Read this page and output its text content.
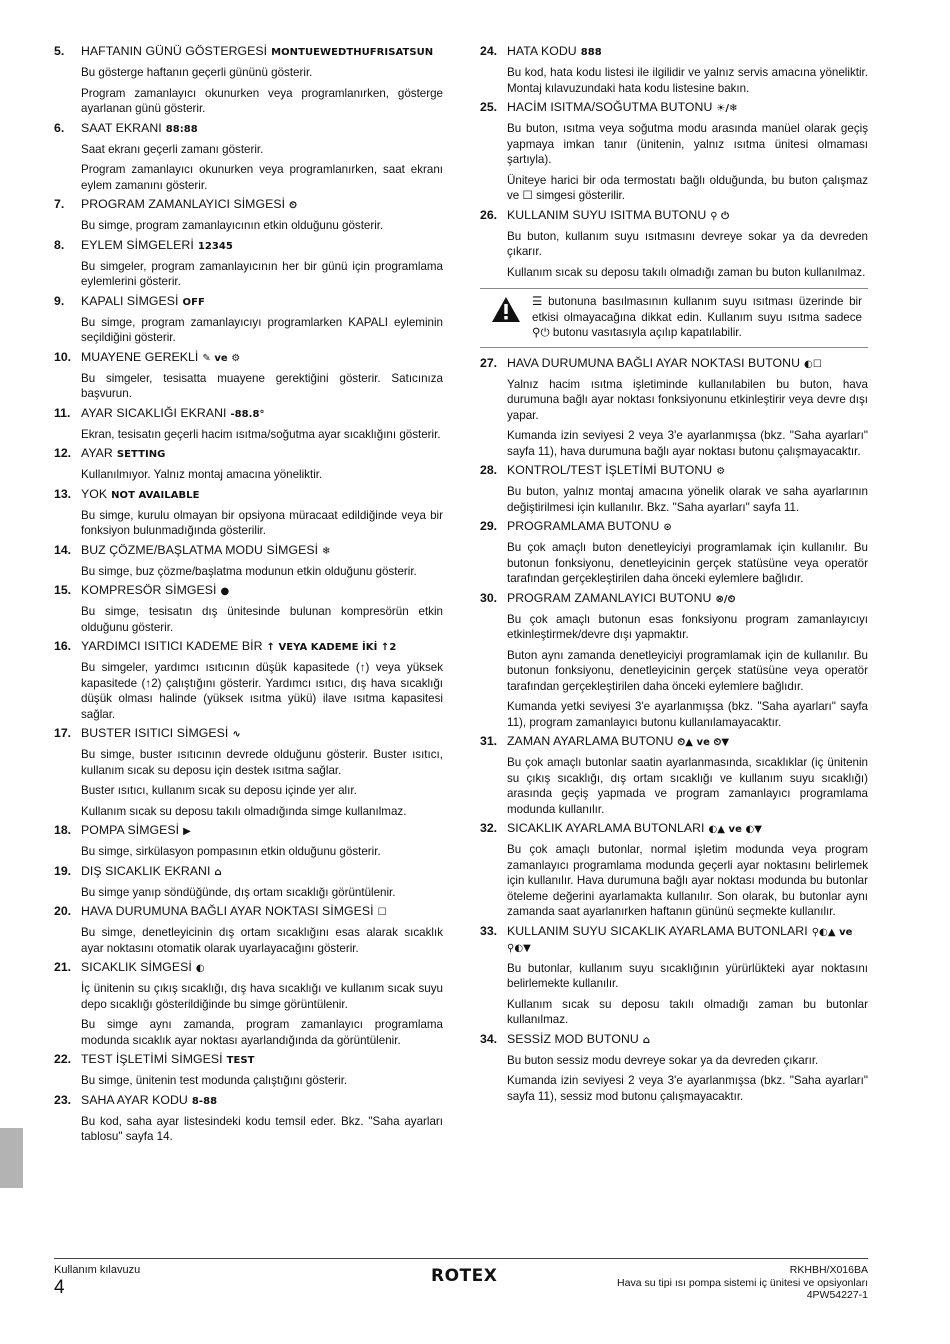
5.	HAFTANIN GÜNÜ GÖSTERGESİ MONTUEWEDTHUFRISATSUN
Bu gösterge haftanın geçerli gününü gösterir.
Program zamanlayıcı okunurken veya programlanırken, gösterge ayarlanan günü gösterir.
6.	SAAT EKRANI 88:88
Saat ekranı geçerli zamanı gösterir.
Program zamanlayıcı okunurken veya programlanırken, saat ekranı eylem zamanını gösterir.
7.	PROGRAM ZAMANLAYICI SİMGESİ ⏲
Bu simge, program zamanlayıcının etkin olduğunu gösterir.
8.	EYLEM SİMGELERİ 12345
Bu simgeler, program zamanlayıcının her bir günü için programlama eylemlerini gösterir.
9.	KAPALI SİMGESİ OFF
Bu simge, program zamanlayıcıyı programlarken KAPALI eyleminin seçildiğini gösterir.
10. MUAYENE GEREKLİ ✎ ve ⚙
Bu simgeler, tesisatta muayene gerektiğini gösterir. Satıcınıza başvurun.
11. AYAR SICAKLIĞI EKRANI -88.8°
Ekran, tesisatın geçerli hacim ısıtma/soğutma ayar sıcaklığını gösterir.
12. AYAR SETTING
Kullanılmıyor. Yalnız montaj amacına yöneliktir.
13. YOK NOT AVAILABLE
Bu simge, kurulu olmayan bir opsiyona müracaat edildiğinde veya bir fonksiyon bulunmadığında gösterilir.
14. BUZ ÇÖZME/BAŞLATMA MODU SİMGESİ ❄
Bu simge, buz çözme/başlatma modunun etkin olduğunu gösterir.
15. KOMPRESÖR SİMGESİ ●
Bu simge, tesisatın dış ünitesinde bulunan kompresörün etkin olduğunu gösterir.
16. YARDIMCI ISITICI KADEME BİR ↑ VEYA KADEME İKİ ↑2
Bu simgeler, yardımcı ısıtıcının düşük kapasitede (↑) veya yüksek kapasitede (↑2) çalıştığını gösterir. Yardımcı ısıtıcı, dış hava sıcaklığı düşük olması halinde (yüksek ısıtma yükü) ilave ısıtma kapasitesi sağlar.
17. BUSTER ISITICI SİMGESİ ∿
Bu simge, buster ısıtıcının devrede olduğunu gösterir. Buster ısıtıcı, kullanım sıcak su deposu için destek ısıtma sağlar.
Buster ısıtıcı, kullanım sıcak su deposu içinde yer alır.
Kullanım sıcak su deposu takılı olmadığında simge kullanılmaz.
18. POMPA SİMGESİ ▶
Bu simge, sirkülasyon pompasının etkin olduğunu gösterir.
19. DIŞ SICAKLIK EKRANI ⌂
Bu simge yanıp söndüğünde, dış ortam sıcaklığı görüntülenir.
20. HAVA DURUMUNA BAĞLI AYAR NOKTASI SİMGESİ ☐
Bu simge, denetleyicinin dış ortam sıcaklığını esas alarak sıcaklık ayar noktasını otomatik olarak uyarlayacağını gösterir.
21. SICAKLIK SİMGESİ ◐
İç ünitenin su çıkış sıcaklığı, dış hava sıcaklığı ve kullanım sıcak suyu depo sıcaklığı gösterildiğinde bu simge görüntülenir.
Bu simge aynı zamanda, program zamanlayıcı programlama modunda sıcaklık ayar noktası ayarlandığında da görüntülenir.
22. TEST İŞLETİMİ SİMGESİ TEST
Bu simge, ünitenin test modunda çalıştığını gösterir.
23. SAHA AYAR KODU 8-88
Bu kod, saha ayar listesindeki kodu temsil eder. Bkz. "Saha ayarları tablosu" sayfa 14.
24. HATA KODU 888
Bu kod, hata kodu listesi ile ilgilidir ve yalnız servis amacına yöneliktir. Montaj kılavuzundaki hata kodu listesine bakın.
25. HACİM ISITMA/SOĞUTMA BUTONU ☀/❄
Bu buton, ısıtma veya soğutma modu arasında manüel olarak geçiş yapmaya imkan tanır (ünitenin, yalnız ısıtma ünitesi olmaması şartıyla).
Üniteye harici bir oda termostatı bağlı olduğunda, bu buton çalışmaz ve ☐ simgesi gösterilir.
26. KULLANIM SUYU ISITMA BUTONU ⚲ ⏻
Bu buton, kullanım suyu ısıtmasını devreye sokar ya da devreden çıkarır.
Kullanım sıcak su deposu takılı olmadığı zaman bu buton kullanılmaz.
☰ butonuna basılmasının kullanım suyu ısıtması üzerinde bir etkisi olmayacağına dikkat edin. Kullanım suyu ısıtma sadece ⚲⏻ butonu vasıtasıyla açılıp kapatılabilir.
27. HAVA DURUMUNA BAĞLI AYAR NOKTASI BUTONU ◐☐
Yalnız hacim ısıtma işletiminde kullanılabilen bu buton, hava durumuna bağlı ayar noktası fonksiyonunu etkinleştirir veya devre dışı yapar.
Kumanda izin seviyesi 2 veya 3'e ayarlanmışsa (bkz. "Saha ayarları" sayfa 11), hava durumuna bağlı ayar noktası butonu çalışmayacaktır.
28. KONTROL/TEST İŞLETİMİ BUTONU ⚙
Bu buton, yalnız montaj amacına yönelik olarak ve saha ayarlarının değiştirilmesi için kullanılır. Bkz. "Saha ayarları" sayfa 11.
29. PROGRAMLAMA BUTONU ⊙
Bu çok amaçlı buton denetleyiciyi programlamak için kullanılır. Bu butonun fonksiyonu, denetleyicinin gerçek statüsüne veya operatör tarafından gerçekleştirilen daha önceki eylemlere bağlıdır.
30. PROGRAM ZAMANLAYICI BUTONU ⊗/⏲
Bu çok amaçlı butonun esas fonksiyonu program zamanlayıcıyı etkinleştirmek/devre dışı yapmaktır.
Buton aynı zamanda denetleyiciyi programlamak için de kullanılır. Bu butonun fonksiyonu, denetleyicinin gerçek statüsüne veya operatör tarafından gerçekleştirilen daha önceki eylemlere bağlıdır.
Kumanda yetki seviyesi 3'e ayarlanmışsa (bkz. "Saha ayarları" sayfa 11), program zamanlayıcı butonu kullanılamayacaktır.
31. ZAMAN AYARLAMA BUTONU ⏲▲ ve ⏲▼
Bu çok amaçlı butonlar saatin ayarlanmasında, sıcaklıklar (iç ünitenin su çıkış sıcaklığı, dış ortam sıcaklığı ve kullanım suyu sıcaklığı) arasında geçiş yapmada ve program zamanlayıcı programlama modunda kullanılır.
32. SICAKLIK AYARLAMA BUTONLARI ◐▲ ve ◐▼
Bu çok amaçlı butonlar, normal işletim modunda veya program zamanlayıcı programlama modunda geçerli ayar noktasını belirlemek için kullanılır. Hava durumuna bağlı ayar noktası modunda bu butonlar öteleme değerini ayarlamakta kullanılır. Son olarak, bu butonlar aynı zamanda saat ayarlanırken haftanın gününü seçmekte kullanılır.
33. KULLANIM SUYU SICAKLIK AYARLAMA BUTONLARI ⚲◐▲ ve ⚲◐▼
Bu butonlar, kullanım suyu sıcaklığının yürürlükteki ayar noktasını belirlemekte kullanılır.
Kullanım sıcak su deposu takılı olmadığı zaman bu butonlar kullanılmaz.
34. SESSİZ MOD BUTONU ⌂
Bu buton sessiz modu devreye sokar ya da devreden çıkarır.
Kumanda izin seviyesi 2 veya 3'e ayarlanmışsa (bkz. "Saha ayarları" sayfa 11), sessiz mod butonu çalışmayacaktır.
Kullanım kılavuzu
4
ROTEX	RKHBH/X016BA
Hava su tipi ısı pompa sistemi iç ünitesi ve opsiyonları
4PW54227-1
